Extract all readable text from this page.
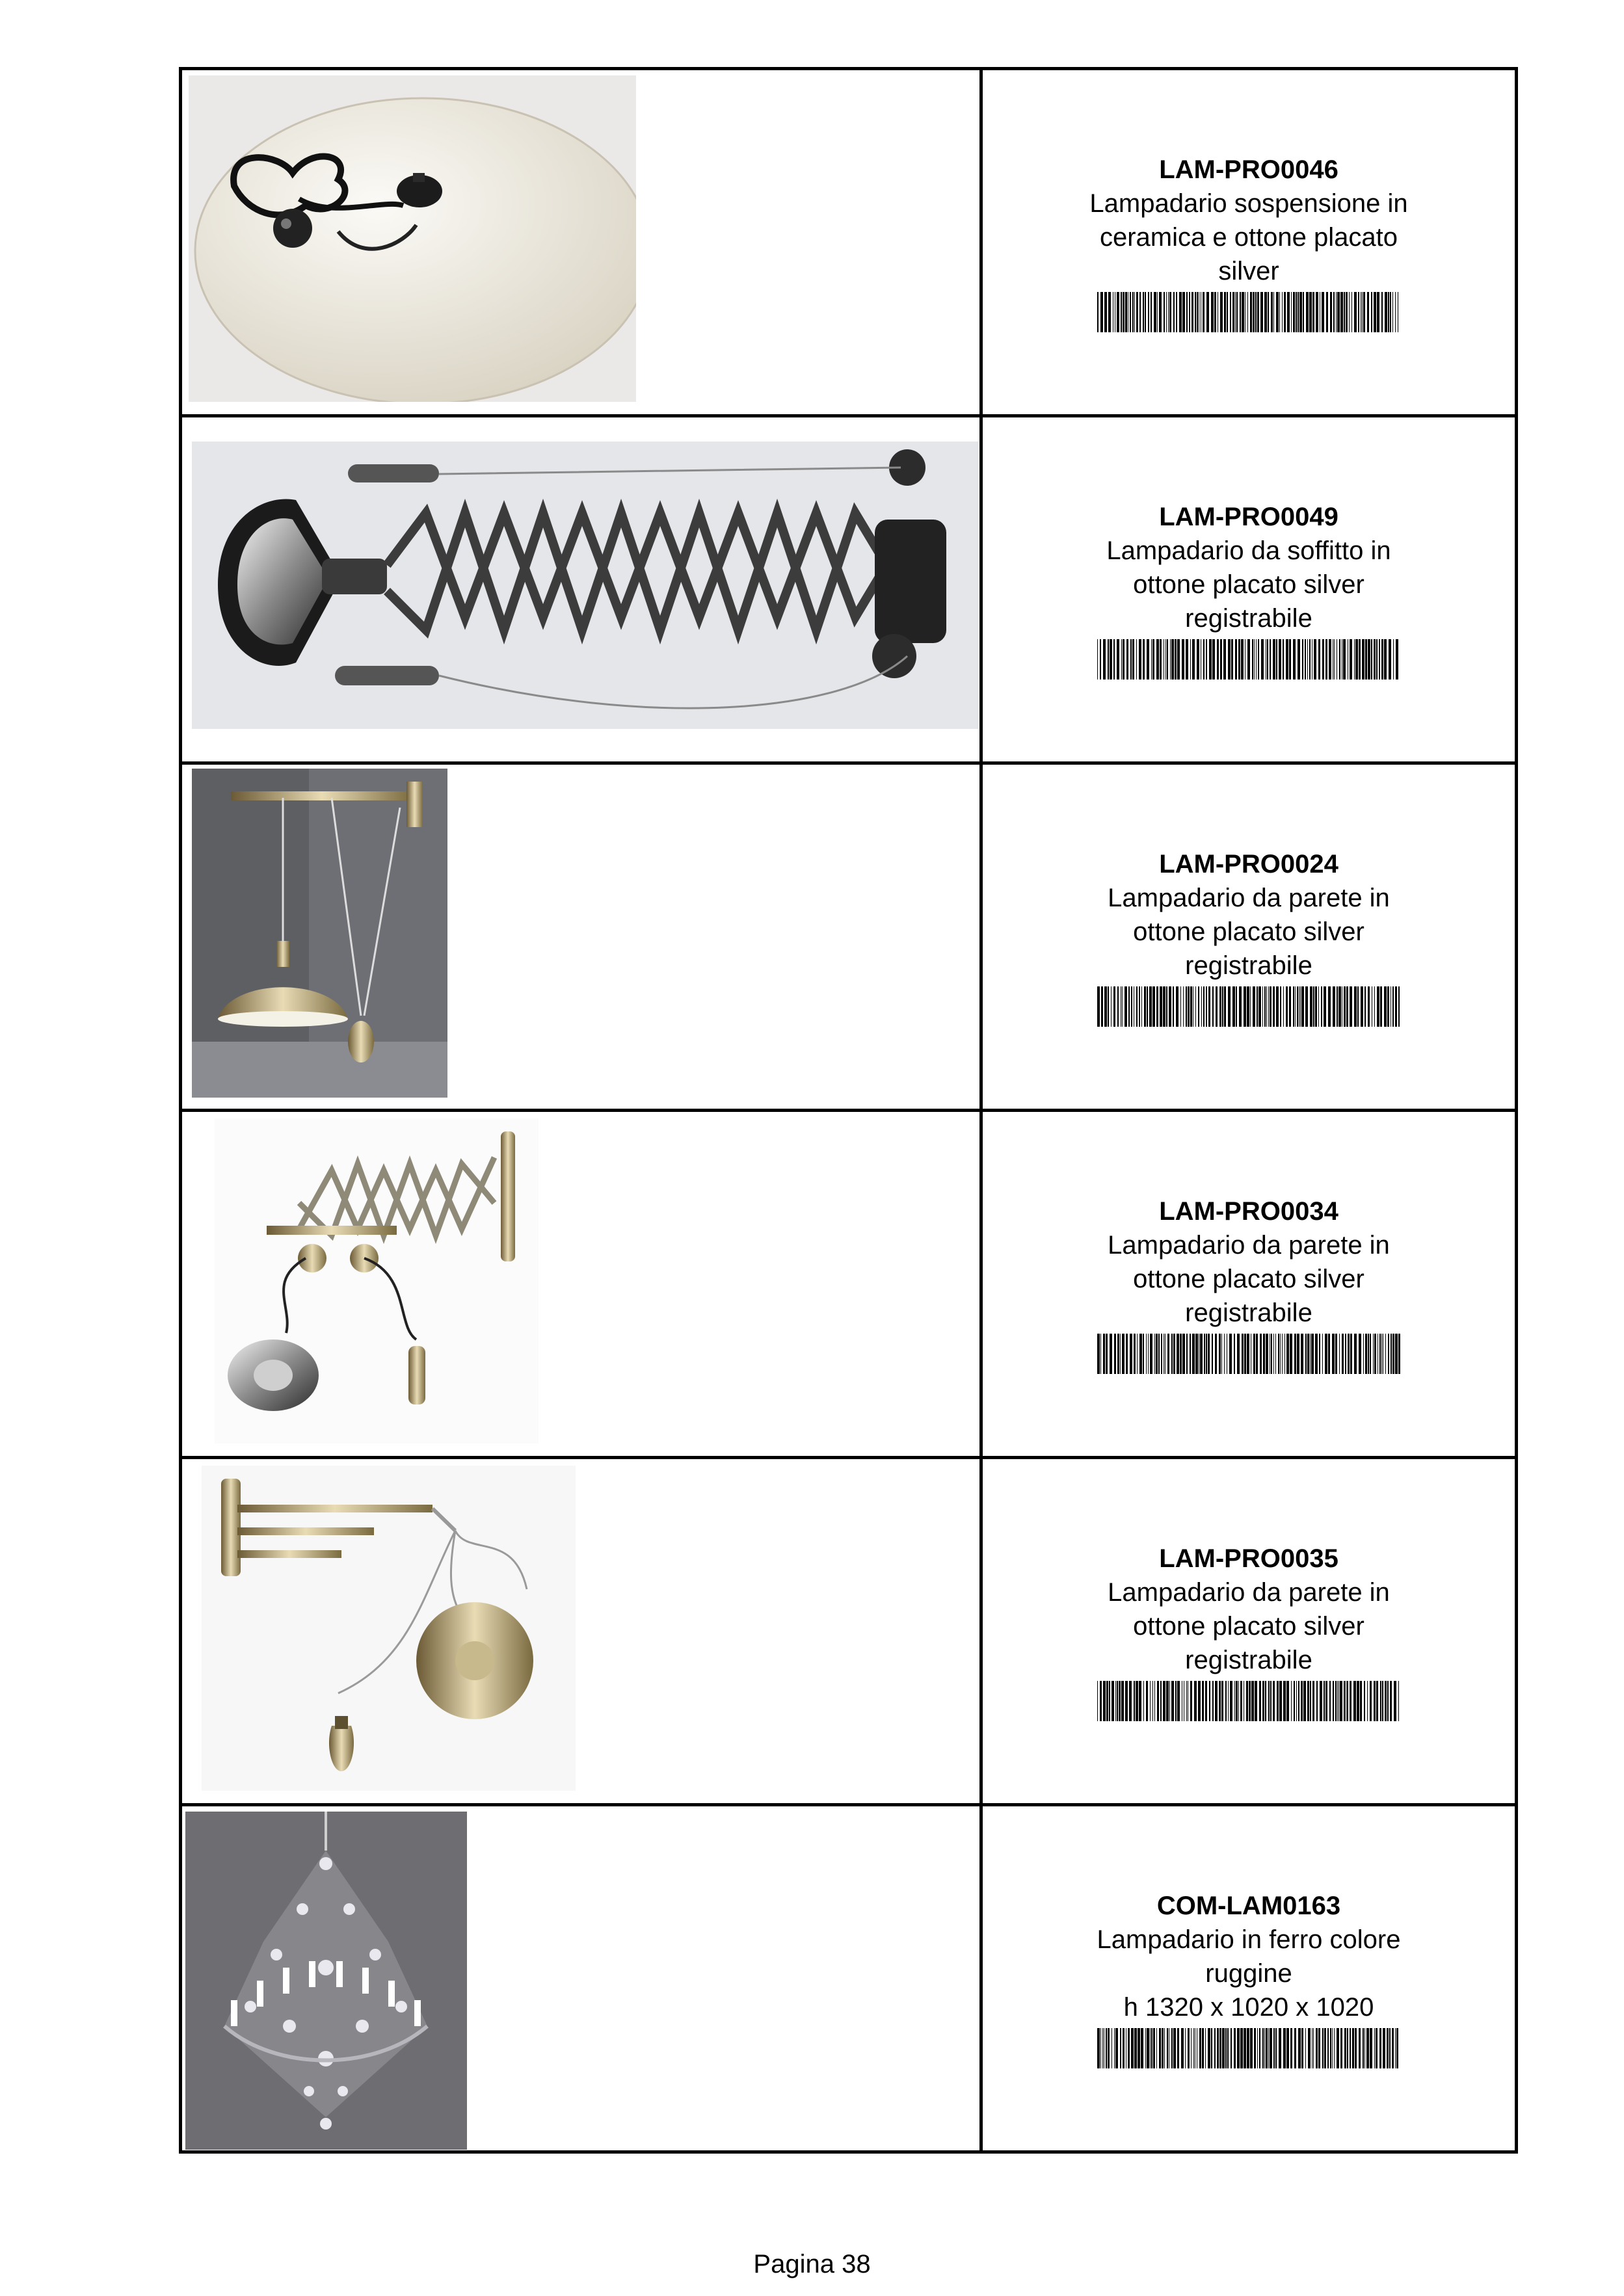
LAM-PRO0046
Lampadario sospensione in
ceramica e ottone placato
silver

LAM-PRO0049
Lampadario da soffitto in
ottone placato silver
registrabile

LAM-PRO0024
Lampadario da parete in
ottone placato silver
registrabile

LAM-PRO0034
Lampadario da parete in
ottone placato silver
registrabile

LAM-PRO0035
Lampadario da parete in
ottone placato silver
registrabile

COM-LAM0163
Lampadario in ferro colore
ruggine
h 1320 x 1020 x 1020
Pagina 38
